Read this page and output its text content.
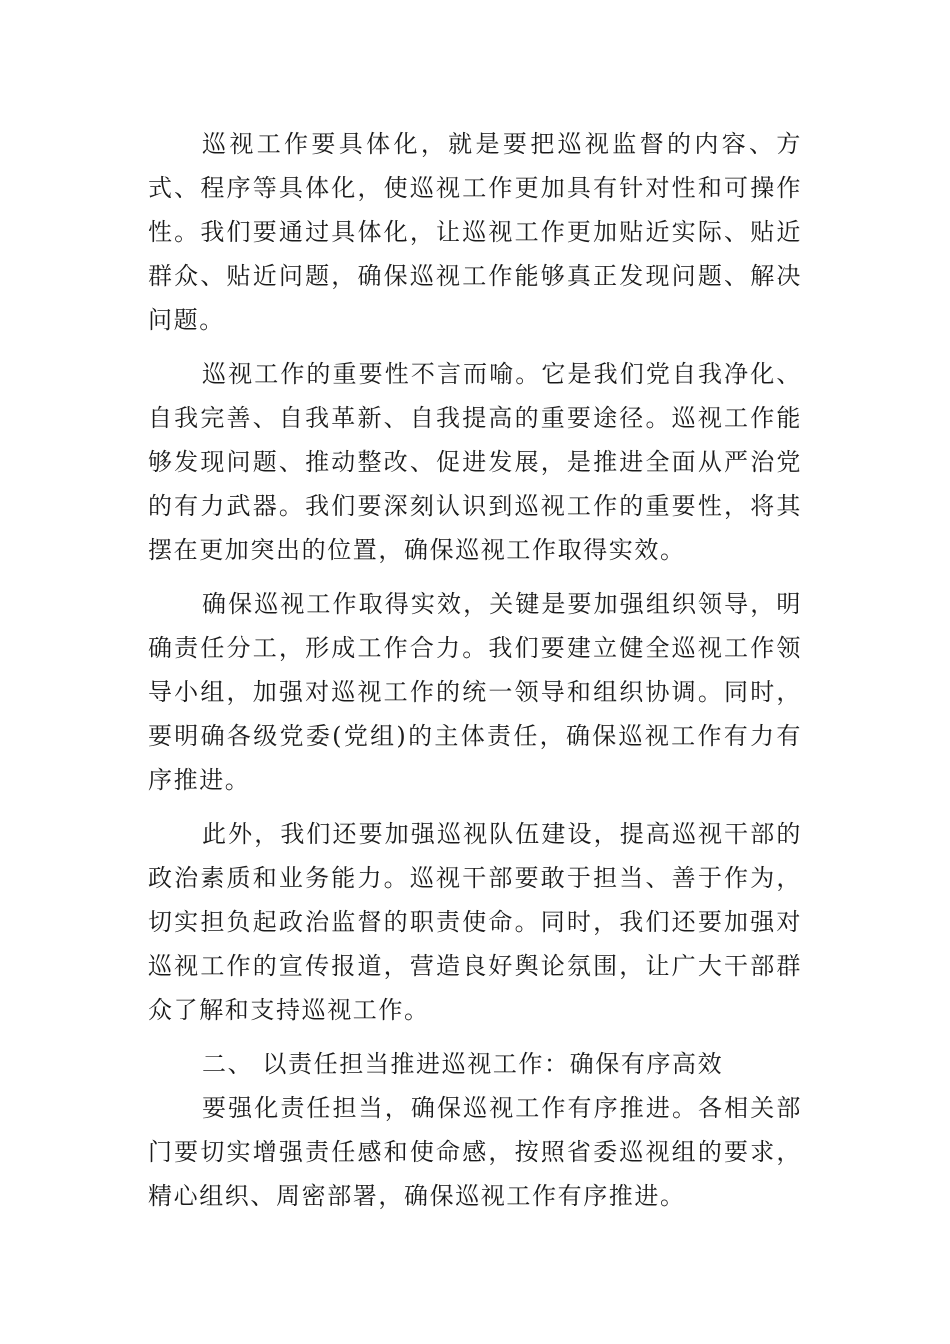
巡视工作要具体化，就是要把巡视监督的内容、方式、程序等具体化，使巡视工作更加具有针对性和可操作性。我们要通过具体化，让巡视工作更加贴近实际、贴近群众、贴近问题，确保巡视工作能够真正发现问题、解决问题。

巡视工作的重要性不言而喻。它是我们党自我净化、自我完善、自我革新、自我提高的重要途径。巡视工作能够发现问题、推动整改、促进发展，是推进全面从严治党的有力武器。我们要深刻认识到巡视工作的重要性，将其摆在更加突出的位置，确保巡视工作取得实效。

确保巡视工作取得实效，关键是要加强组织领导，明确责任分工，形成工作合力。我们要建立健全巡视工作领导小组，加强对巡视工作的统一领导和组织协调。同时，要明确各级党委(党组)的主体责任，确保巡视工作有力有序推进。

此外，我们还要加强巡视队伍建设，提高巡视干部的政治素质和业务能力。巡视干部要敢于担当、善于作为，切实担负起政治监督的职责使命。同时，我们还要加强对巡视工作的宣传报道，营造良好舆论氛围，让广大干部群众了解和支持巡视工作。

二、 以责任担当推进巡视工作：确保有序高效

要强化责任担当，确保巡视工作有序推进。各相关部门要切实增强责任感和使命感，按照省委巡视组的要求，精心组织、周密部署，确保巡视工作有序推进。
